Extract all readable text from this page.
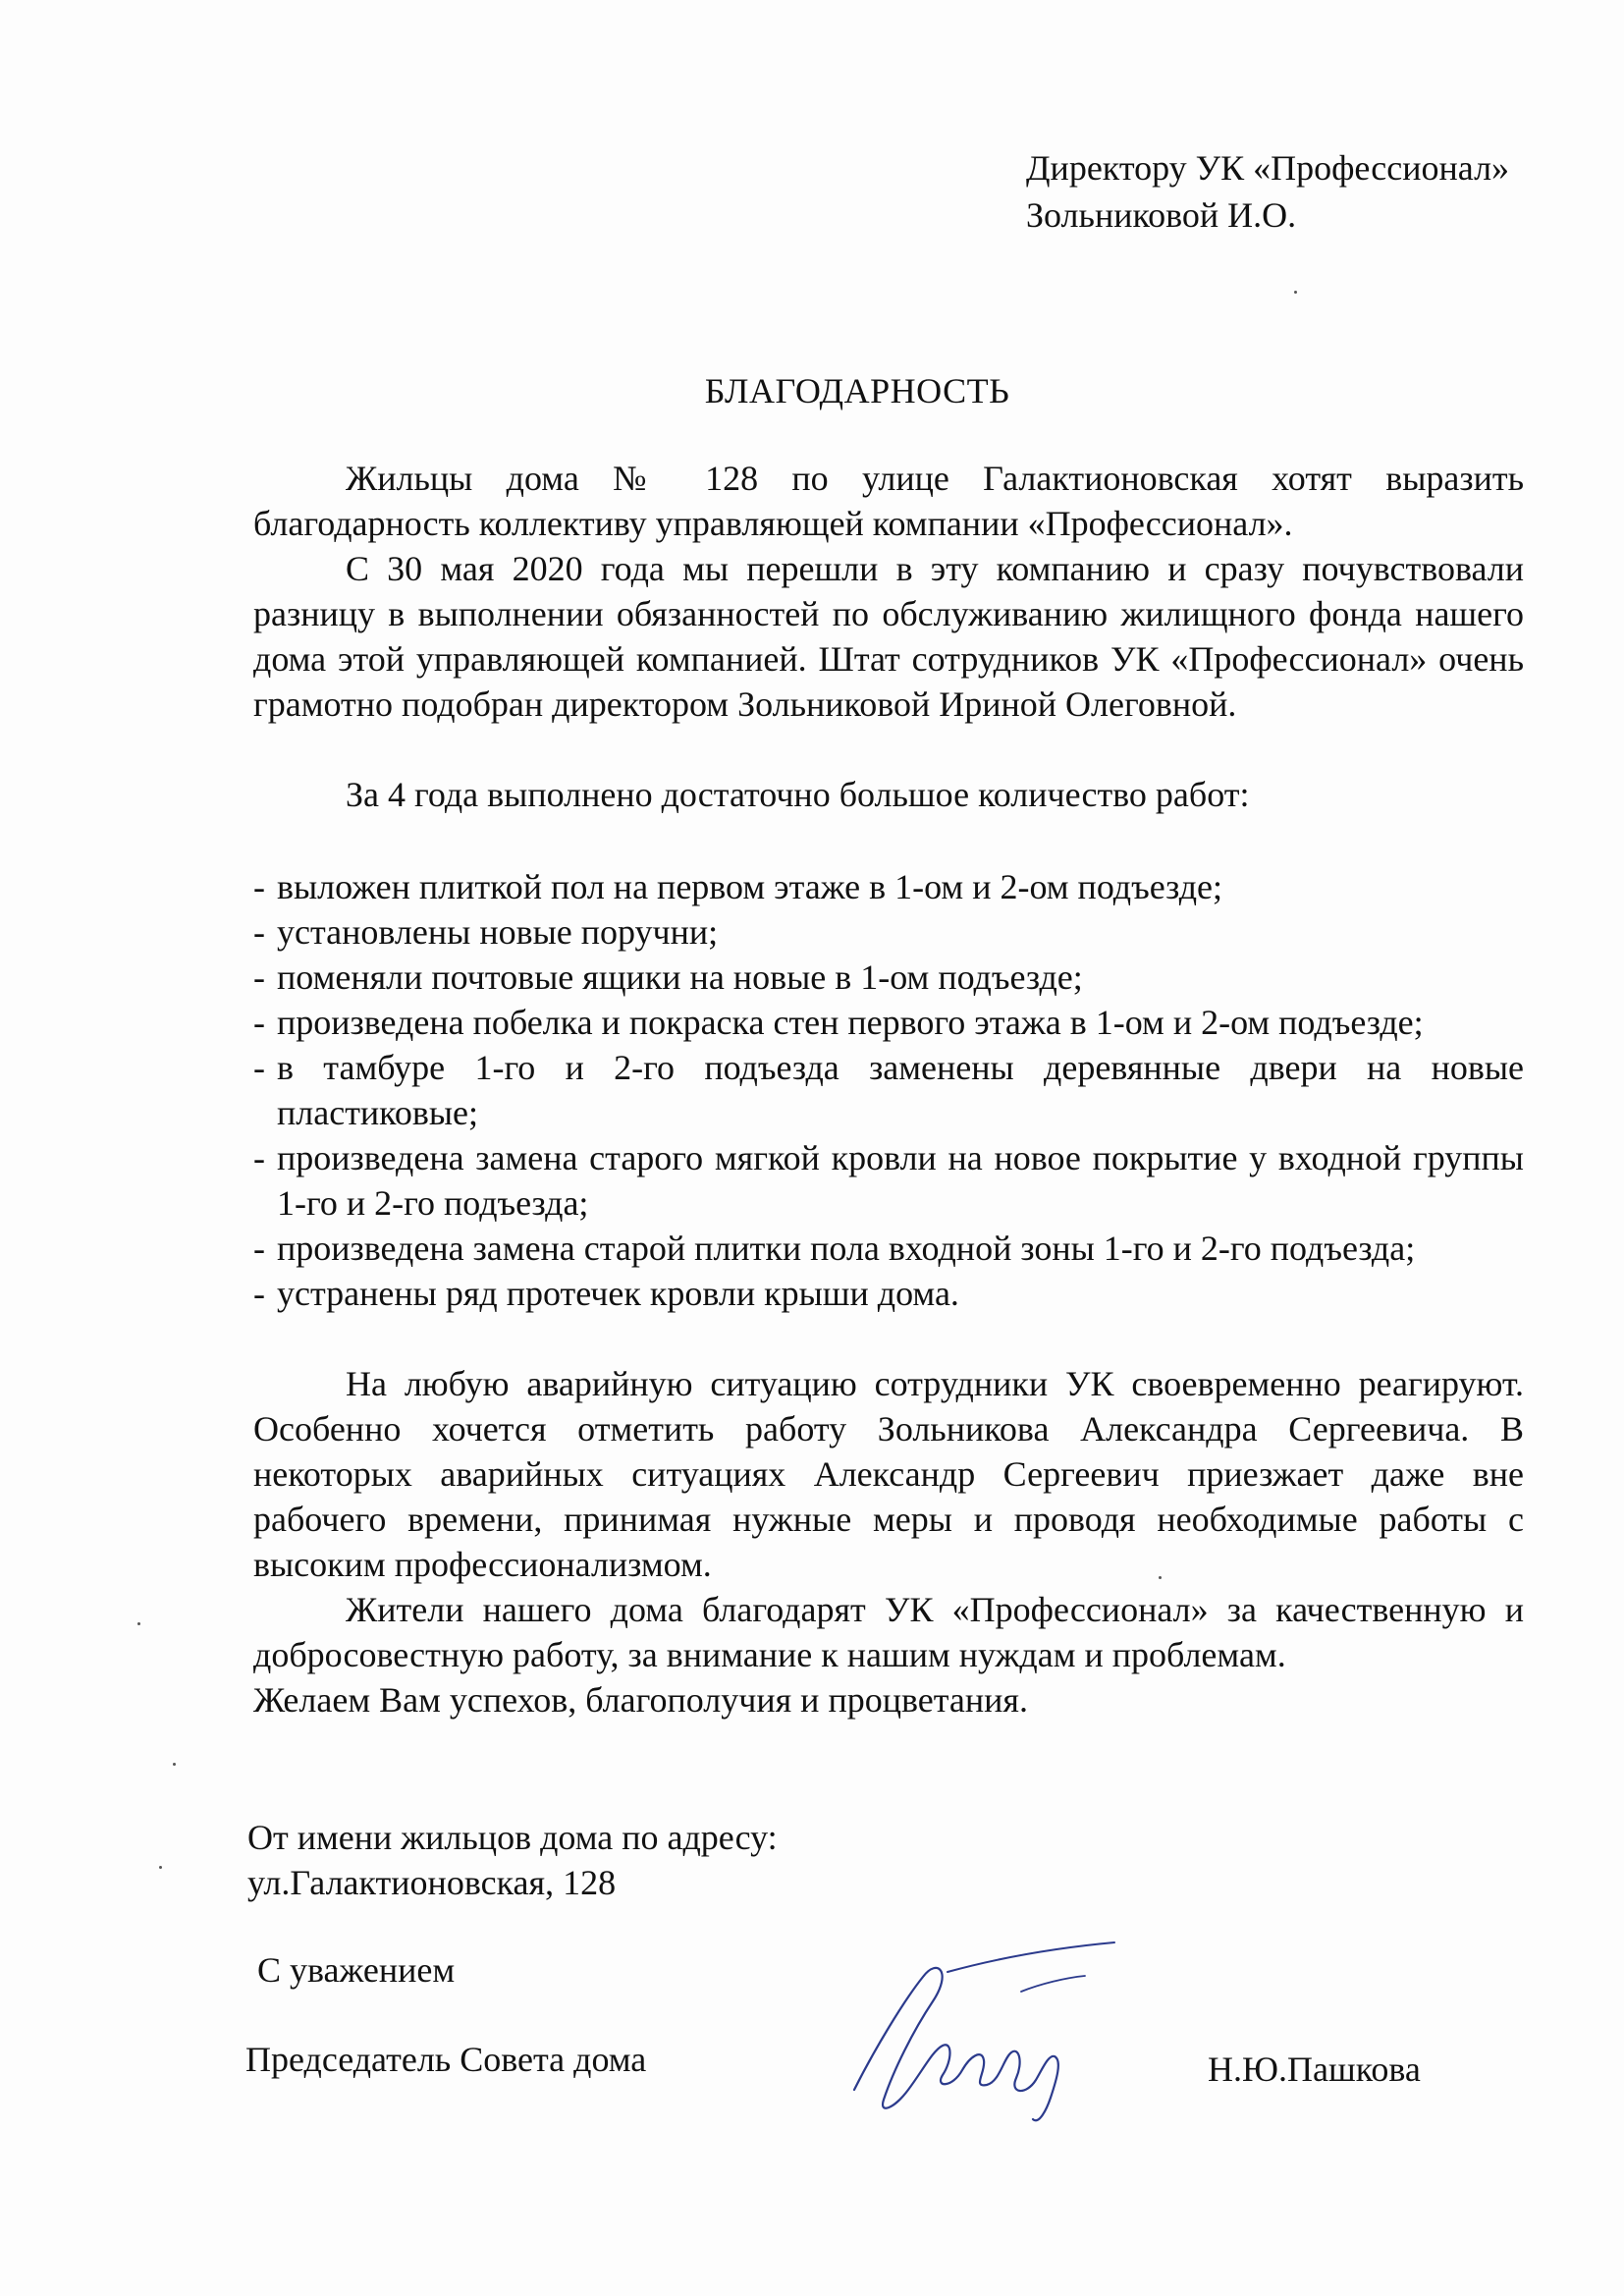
Директору УК «Профессионал»
Зольниковой И.О.
БЛАГОДАРНОСТЬ

Жильцы дома № 128 по улице Галактионовская хотят выразить благодарность коллективу управляющей компании «Профессионал».

С 30 мая 2020 года мы перешли в эту компанию и сразу почувствовали разницу в выполнении обязанностей по обслуживанию жилищного фонда нашего дома этой управляющей компанией. Штат сотрудников УК «Профессионал» очень грамотно подобран директором Зольниковой Ириной Олеговной.

За 4 года выполнено достаточно большое количество работ:

- выложен плиткой пол на первом этаже в 1-ом и 2-ом подъезде;
- установлены новые поручни;
- поменяли почтовые ящики на новые в 1-ом подъезде;
- произведена побелка и покраска стен первого этажа в 1-ом и 2-ом подъезде;
- в тамбуре 1-го и 2-го подъезда заменены деревянные двери на новые пластиковые;
- произведена замена старого мягкой кровли на новое покрытие у входной группы 1-го и 2-го подъезда;
- произведена замена старой плитки пола входной зоны 1-го и 2-го подъезда;
- устранены ряд протечек кровли крыши дома.

На любую аварийную ситуацию сотрудники УК своевременно реагируют. Особенно хочется отметить работу Зольникова Александра Сергеевича. В некоторых аварийных ситуациях Александр Сергеевич приезжает даже вне рабочего времени, принимая нужные меры и проводя необходимые работы с высоким профессионализмом.

Жители нашего дома благодарят УК «Профессионал» за качественную и добросовестную работу, за внимание к нашим нуждам и проблемам.

Желаем Вам успехов, благополучия и процветания.

От имени жильцов дома по адресу:
ул.Галактионовская, 128
С уважением
Председатель Совета дома	Н.Ю.Пашкова
